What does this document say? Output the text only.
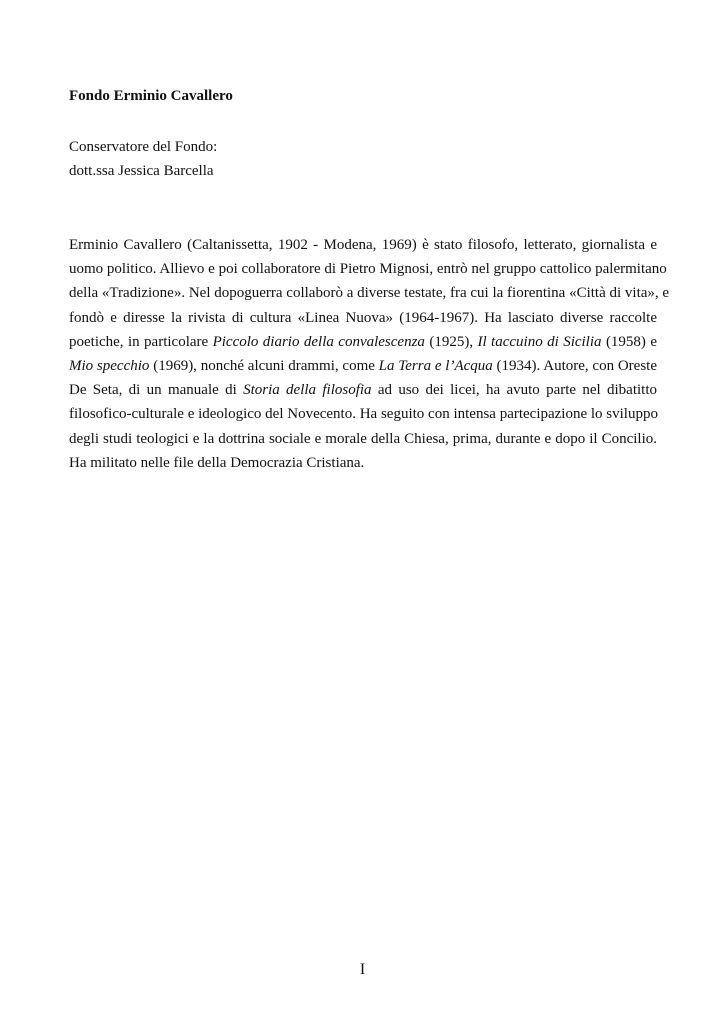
Fondo Erminio Cavallero
Conservatore del Fondo:
dott.ssa Jessica Barcella
Erminio Cavallero (Caltanissetta, 1902 - Modena, 1969) è stato filosofo, letterato, giornalista e
uomo politico. Allievo e poi collaboratore di Pietro Mignosi, entrò nel gruppo cattolico palermitano
della «Tradizione». Nel dopoguerra collaborò a diverse testate, fra cui la fiorentina «Città di vita», e
fondò e diresse la rivista di cultura «Linea Nuova» (1964-1967). Ha lasciato diverse raccolte
poetiche, in particolare Piccolo diario della convalescenza (1925), Il taccuino di Sicilia (1958) e
Mio specchio (1969), nonché alcuni drammi, come La Terra e l’Acqua (1934). Autore, con Oreste
De Seta, di un manuale di Storia della filosofia ad uso dei licei, ha avuto parte nel dibatitto
filosofico-culturale e ideologico del Novecento. Ha seguito con intensa partecipazione lo sviluppo
degli studi teologici e la dottrina sociale e morale della Chiesa, prima, durante e dopo il Concilio.
Ha militato nelle file della Democrazia Cristiana.
I
